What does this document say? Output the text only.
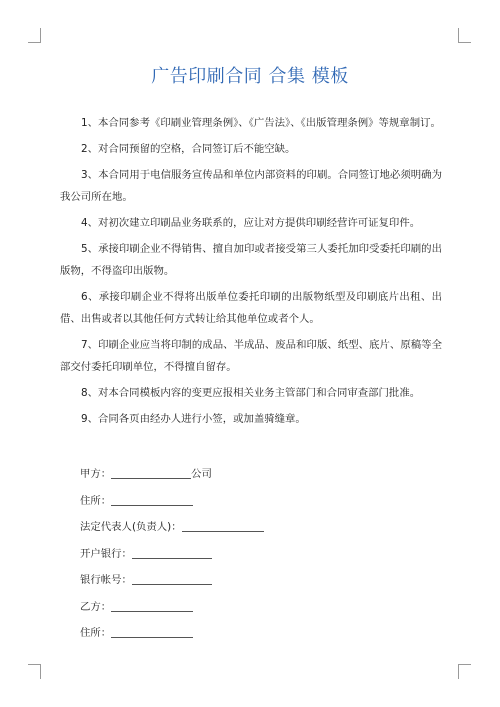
广告印刷合同 合集 模板

1、本合同参考《印刷业管理条例》、《广告法》、《出版管理条例》等规章制订。

2、对合同预留的空格，合同签订后不能空缺。

3、本合同用于电信服务宣传品和单位内部资料的印刷。合同签订地必须明确为我公司所在地。

4、对初次建立印刷品业务联系的，应让对方提供印刷经营许可证复印件。

5、承接印刷企业不得销售、擅自加印或者接受第三人委托加印受委托印刷的出版物，不得盗印出版物。

6、承接印刷企业不得将出版单位委托印刷的出版物纸型及印刷底片出租、出借、出售或者以其他任何方式转让给其他单位或者个人。

7、印刷企业应当将印制的成品、半成品、废品和印版、纸型、底片、原稿等全部交付委托印刷单位，不得擅自留存。

8、对本合同模板内容的变更应报相关业务主管部门和合同审查部门批准。

9、合同各页由经办人进行小签，或加盖骑缝章。

甲方：	公司
住所：
法定代表人(负责人)：
开户银行：
银行帐号：
乙方：
住所：
